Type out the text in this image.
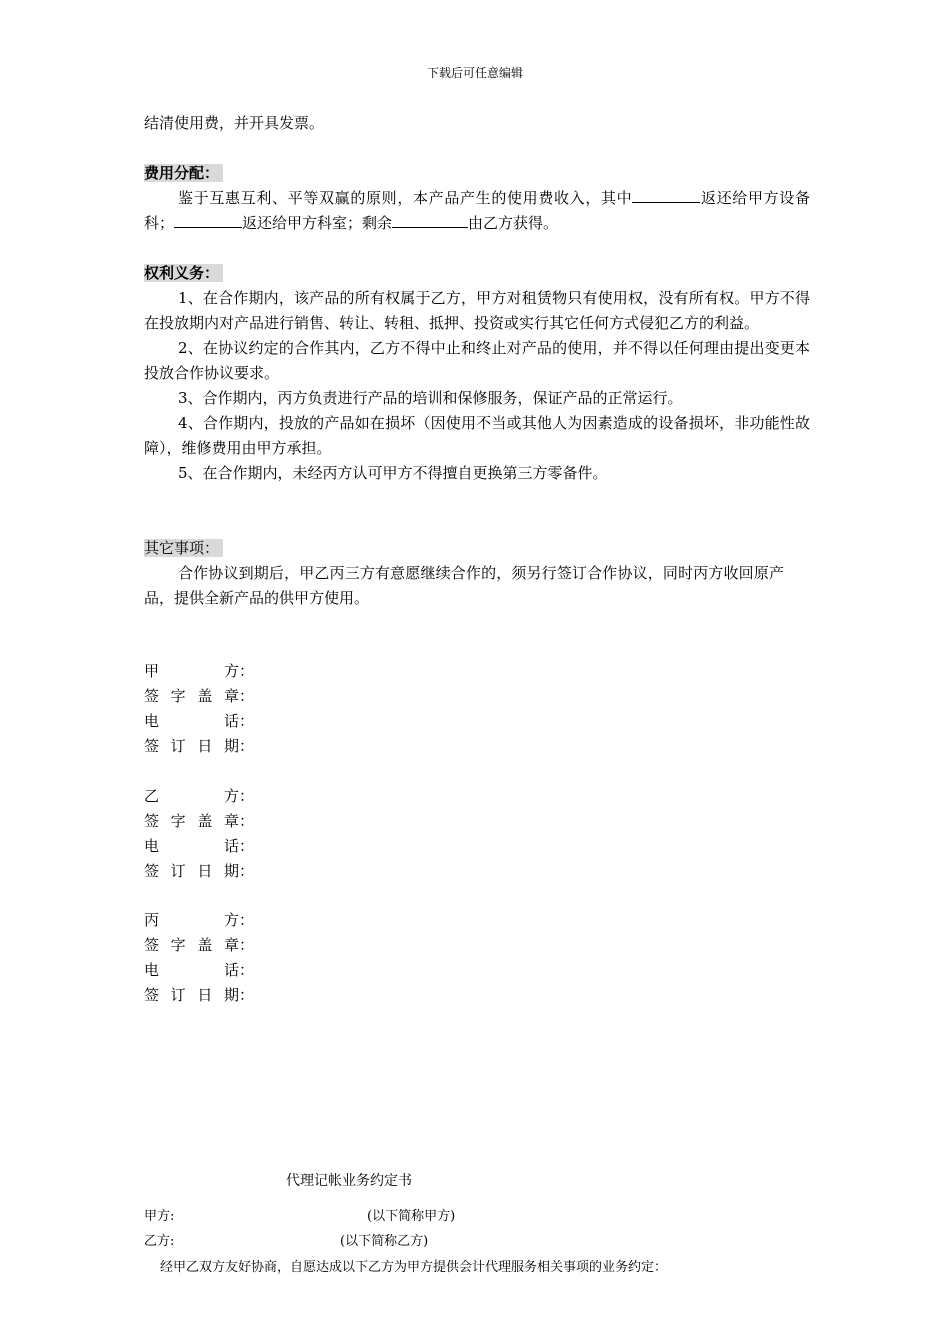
下载后可任意编辑

结清使用费，并开具发票。

费用分配：

鉴于互惠互利、平等双赢的原则，本产品产生的使用费收入，其中	返还给甲方设备科；	返还给甲方科室；剩余	由乙方获得。

权利义务：

1、在合作期内，该产品的所有权属于乙方，甲方对租赁物只有使用权，没有所有权。甲方不得在投放期内对产品进行销售、转让、转租、抵押、投资或实行其它任何方式侵犯乙方的利益。

2、在协议约定的合作其内，乙方不得中止和终止对产品的使用，并不得以任何理由提出变更本投放合作协议要求。

3、合作期内，丙方负责进行产品的培训和保修服务，保证产品的正常运行。

4、合作期内，投放的产品如在损坏（因使用不当或其他人为因素造成的设备损坏，非功能性故障），维修费用由甲方承担。

5、在合作期内，未经丙方认可甲方不得擅自更换第三方零备件。

其它事项：

合作协议到期后，甲乙丙三方有意愿继续合作的，须另行签订合作协议，同时丙方收回原产品，提供全新产品的供甲方使用。

甲	方：
签 字 盖 章：
电	话：
签 订 日 期：
乙	方：
签 字 盖 章：
电	话：
签 订 日 期：
丙	方：
签 字 盖 章：
电	话：
签 订 日 期：
代理记帐业务约定书
甲方:	(以下简称甲方)
乙方:	(以下简称乙方)
经甲乙双方友好协商，自愿达成以下乙方为甲方提供会计代理服务相关事项的业务约定：
